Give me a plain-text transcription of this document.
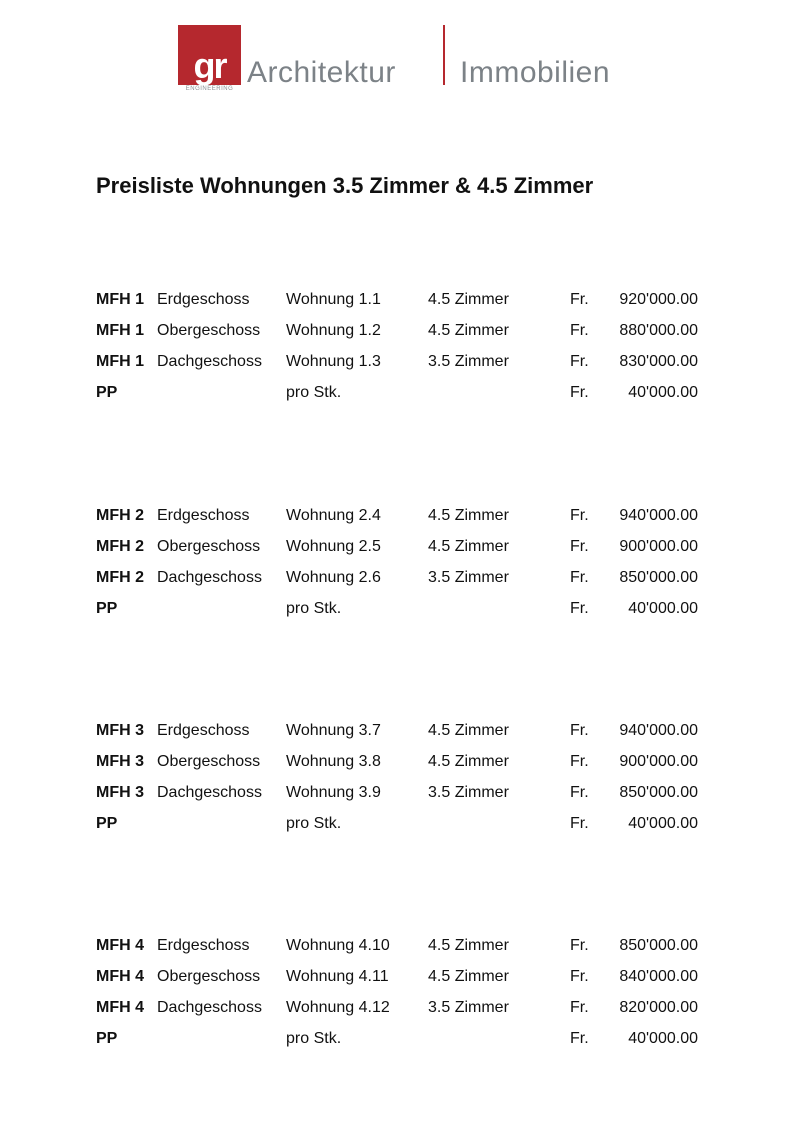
gr
ENGINEERING Architektur Immobilien
Preisliste Wohnungen 3.5 Zimmer & 4.5 Zimmer
MFH 1 Erdgeschoss Wohnung 1.1	4.5 Zimmer	Fr. 920'000.00
MFH 1 Obergeschoss Wohnung 1.2	4.5 Zimmer	Fr. 880'000.00
MFH 1 Dachgeschoss Wohnung 1.3	3.5 Zimmer	Fr. 830'000.00
PP	pro Stk.	Fr. 40'000.00
MFH 2 Erdgeschoss Wohnung 2.4	4.5 Zimmer	Fr. 940'000.00
MFH 2 Obergeschoss Wohnung 2.5	4.5 Zimmer	Fr. 900'000.00
MFH 2 Dachgeschoss Wohnung 2.6	3.5 Zimmer	Fr. 850'000.00
PP	pro Stk.	Fr. 40'000.00
MFH 3 Erdgeschoss Wohnung 3.7	4.5 Zimmer	Fr. 940'000.00
MFH 3 Obergeschoss Wohnung 3.8	4.5 Zimmer	Fr. 900'000.00
MFH 3 Dachgeschoss Wohnung 3.9	3.5 Zimmer	Fr. 850'000.00
PP	pro Stk.	Fr. 40'000.00
MFH 4 Erdgeschoss Wohnung 4.10 4.5 Zimmer	Fr. 850'000.00
MFH 4 Obergeschoss Wohnung 4.11 4.5 Zimmer	Fr. 840'000.00
MFH 4 Dachgeschoss Wohnung 4.12 3.5 Zimmer	Fr. 820'000.00
PP	pro Stk.	Fr. 40'000.00
